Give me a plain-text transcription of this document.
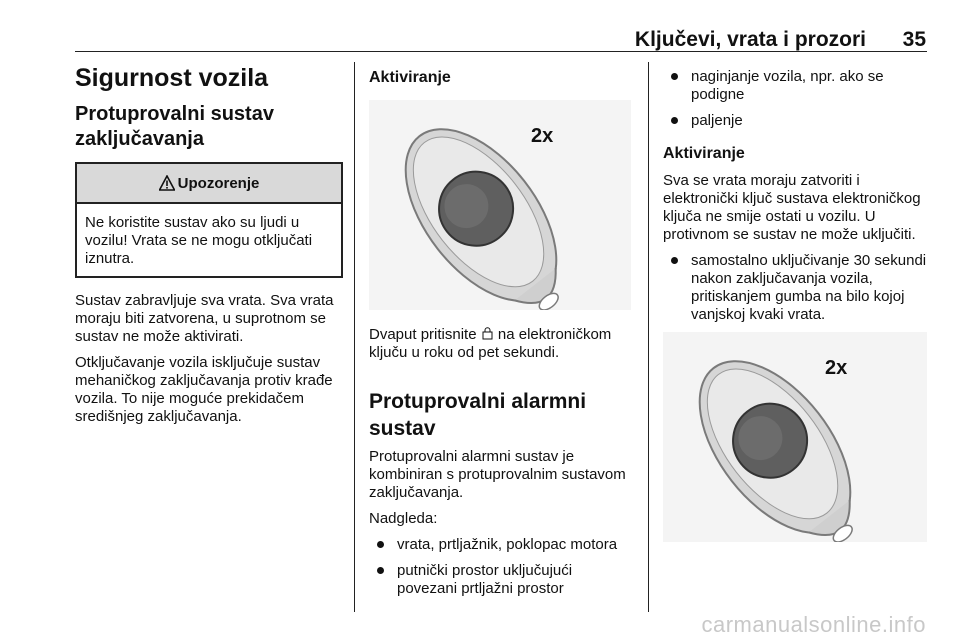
Ključevi, vrata i prozori 35
Sigurnost vozila
Protuprovalni sustav zaključavanja
Upozorenje
Ne koristite sustav ako su ljudi u vozilu! Vrata se ne mogu otključati iznutra.

Sustav zabravljuje sva vrata. Sva vrata moraju biti zatvorena, u suprotnom se sustav ne može aktivirati.

Otključavanje vozila isključuje sustav mehaničkog zaključavanja protiv krađe vozila. To nije moguće prekidačem središnjeg zaključavanja.

Aktiviranje
2x

Dvaput pritisnite na elektroničkom ključu u roku od pet sekundi.

Protuprovalni alarmni sustav

Protuprovalni alarmni sustav je kombiniran s protuprovalnim sustavom zaključavanja.

Nadgleda:

vrata, prtljažnik, poklopac motora
putnički prostor uključujući povezani prtljažni prostor
naginjanje vozila, npr. ako se podigne
paljenje
Aktiviranje

Sva se vrata moraju zatvoriti i elektronički ključ sustava elektroničkog ključa ne smije ostati u vozilu. U protivnom se sustav ne može uključiti.

samostalno uključivanje 30 sekundi nakon zaključavanja vozila, pritiskanjem gumba na bilo kojoj vanjskoj kvaki vrata.
2x
carmanualsonline.info
